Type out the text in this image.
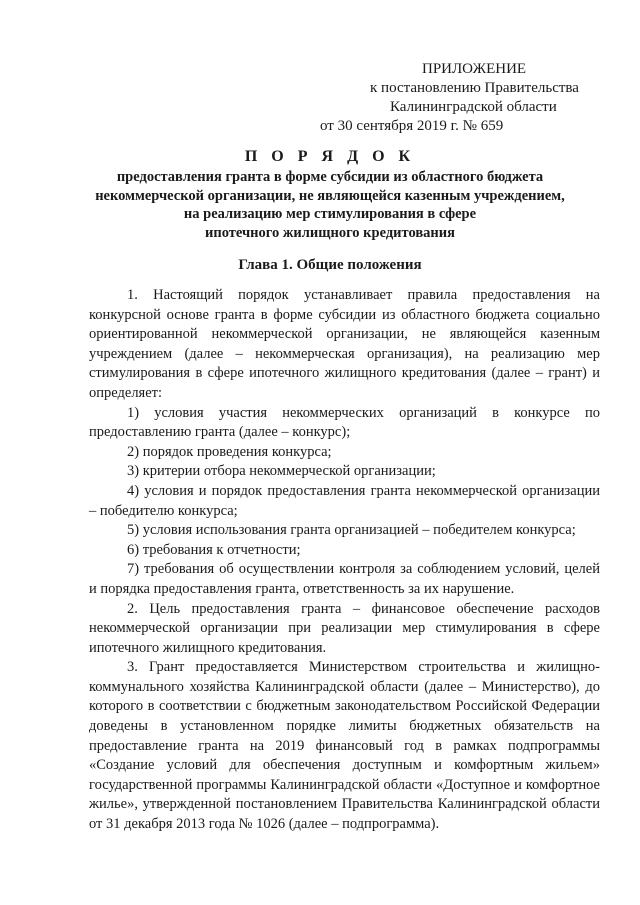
ПРИЛОЖЕНИЕ
к постановлению Правительства
Калининградской области
от 30 сентября 2019 г. № 659

П О Р Я Д О К

предоставления гранта в форме субсидии из областного бюджета

некоммерческой организации, не являющейся казенным учреждением,

на реализацию мер стимулирования в сфере

ипотечного жилищного кредитования

Глава 1. Общие положения

1. Настоящий порядок устанавливает правила предоставления на конкурсной основе гранта в форме субсидии из областного бюджета социально ориентированной некоммерческой организации, не являющейся казенным учреждением (далее – некоммерческая организация), на реализацию мер стимулирования в сфере ипотечного жилищного кредитования (далее – грант) и определяет:

1) условия участия некоммерческих организаций в конкурсе по предоставлению гранта (далее – конкурс);

2) порядок проведения конкурса;

3) критерии отбора некоммерческой организации;

4) условия и порядок предоставления гранта некоммерческой организации – победителю конкурса;

5) условия использования гранта организацией – победителем конкурса;

6) требования к отчетности;

7) требования об осуществлении контроля за соблюдением условий, целей и порядка предоставления гранта, ответственность за их нарушение.

2. Цель предоставления гранта – финансовое обеспечение расходов некоммерческой организации при реализации мер стимулирования в сфере ипотечного жилищного кредитования.

3. Грант предоставляется Министерством строительства и жилищно-коммунального хозяйства Калининградской области (далее – Министерство), до которого в соответствии с бюджетным законодательством Российской Федерации доведены в установленном порядке лимиты бюджетных обязательств на предоставление гранта на 2019 финансовый год в рамках подпрограммы «Создание условий для обеспечения доступным и комфортным жильем» государственной программы Калининградской области «Доступное и комфортное жилье», утвержденной постановлением Правительства Калининградской области от 31 декабря 2013 года № 1026 (далее – подпрограмма).
